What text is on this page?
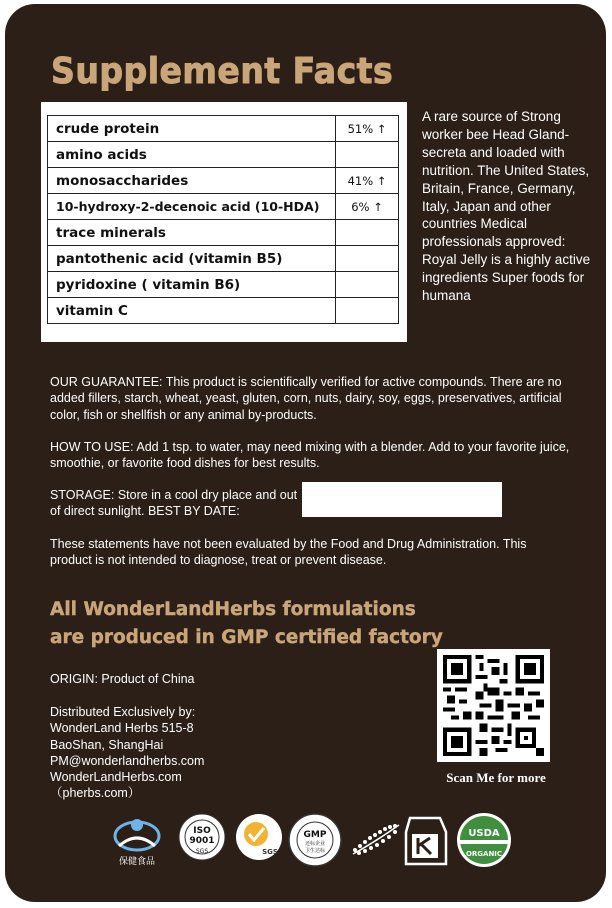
Supplement Facts
crude protein	51% ↑
amino acids	
monosaccharides	41% ↑
10-hydroxy-2-decenoic acid (10-HDA)	6% ↑
trace minerals	
pantothenic acid (vitamin B5)	
pyridoxine ( vitamin B6)	
vitamin C	
A rare source of Strong worker bee Head Gland-secreta and loaded with nutrition. The United States, Britain, France, Germany, Italy, Japan and other countries Medical professionals approved: Royal Jelly is a highly active ingredients Super foods for humana
OUR GUARANTEE: This product is scientifically verified for active compounds. There are no added fillers, starch, wheat, yeast, gluten, corn, nuts, dairy, soy, eggs, preservatives, artificial color, fish or shellfish or any animal by-products.
HOW TO USE: Add 1 tsp. to water, may need mixing with a blender. Add to your favorite juice, smoothie, or favorite food dishes for best results.
STORAGE: Store in a cool dry place and out of direct sunlight. BEST BY DATE:
These statements have not been evaluated by the Food and Drug Administration. This product is not intended to diagnose, treat or prevent disease.
All WonderLandHerbs formulations
are produced in GMP certified factory
ORIGIN: Product of China
Distributed Exclusively by:
WonderLand Herbs 515-8
BaoShan, ShangHai
PM@wonderlandherbs.com
WonderLandHerbs.com
（pherbs.com）
Scan Me for more
保健食品
ISO
9001
SGS	SGS
GMP
还标企业
卫生达标
USDA
ORGANIC
